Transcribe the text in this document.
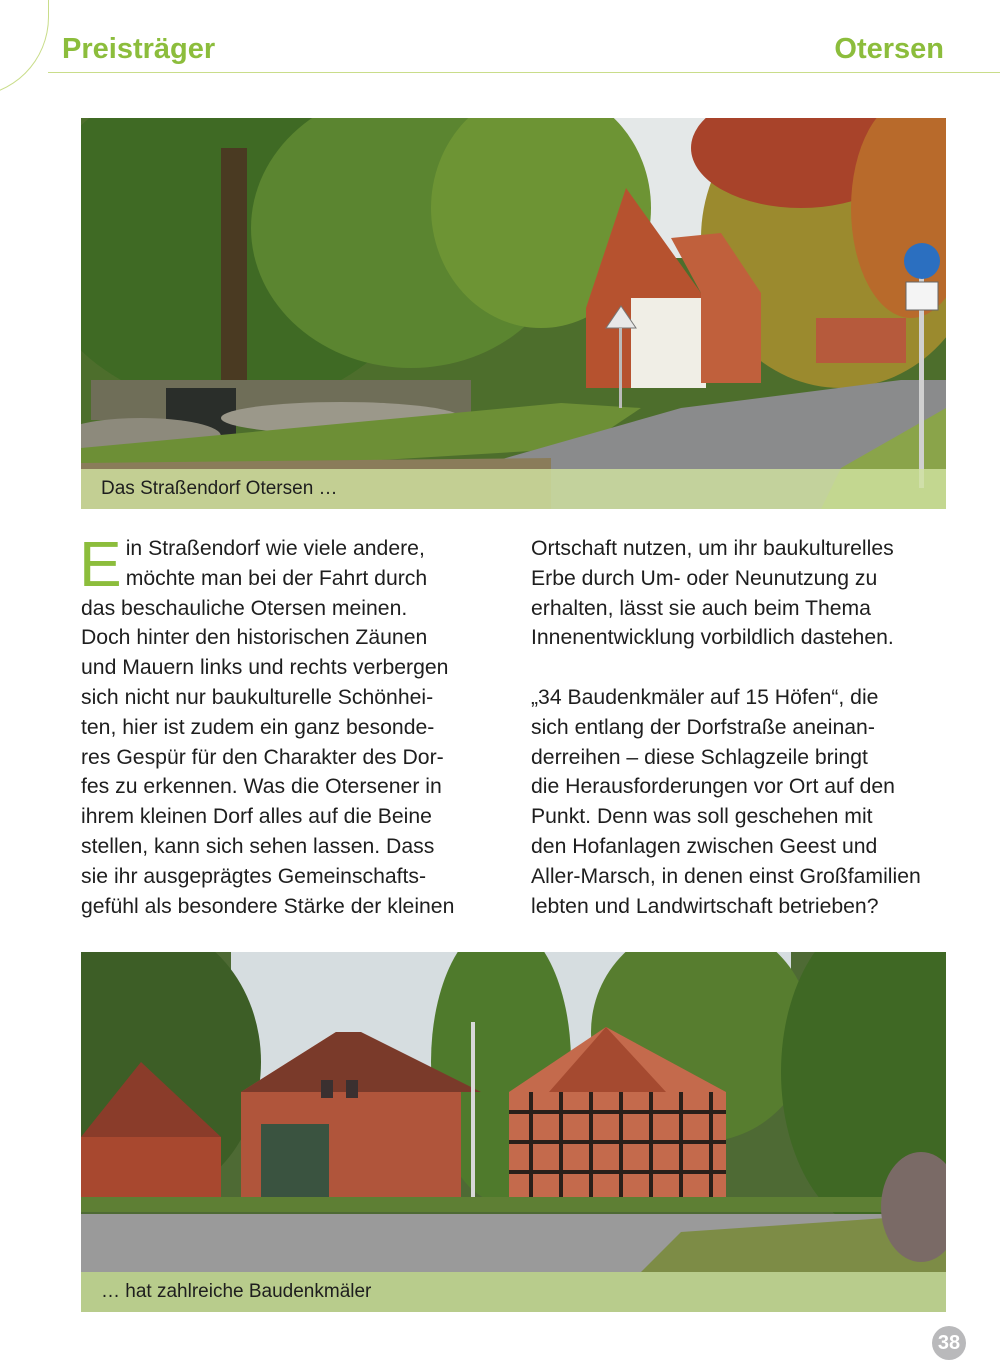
Preisträger	Otersen
Das Straßendorf Otersen …
E in Straßendorf wie viele andere,
möchte man bei der Fahrt durch
das beschauliche Otersen meinen.
Doch hinter den historischen Zäunen
und Mauern links und rechts verbergen
sich nicht nur baukulturelle Schönhei-
ten, hier ist zudem ein ganz besonde-
res Gespür für den Charakter des Dor-
fes zu erkennen. Was die Otersener in
ihrem kleinen Dorf alles auf die Beine
stellen, kann sich sehen lassen. Dass
sie ihr ausgeprägtes Gemeinschafts-
gefühl als besondere Stärke der kleinen

Ortschaft nutzen, um ihr baukulturelles
Erbe durch Um- oder Neunutzung zu
erhalten, lässt sie auch beim Thema
Innenentwicklung vorbildlich dastehen.

„34 Baudenkmäler auf 15 Höfen“, die
sich entlang der Dorfstraße aneinan-
derreihen – diese Schlagzeile bringt
die Herausforderungen vor Ort auf den
Punkt. Denn was soll geschehen mit
den Hofanlagen zwischen Geest und
Aller-Marsch, in denen einst Großfamilien
lebten und Landwirtschaft betrieben?

… hat zahlreiche Baudenkmäler
38
